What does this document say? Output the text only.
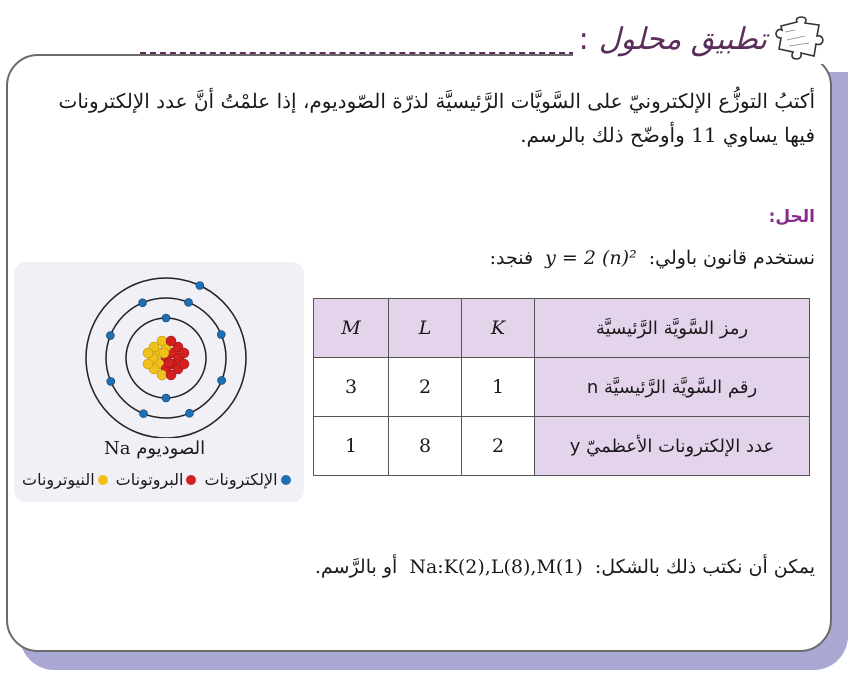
تطبيق محلول
:
أكتبُ التوزُّع الإلكترونيّ على السَّويَّات الرَّئيسيَّة لذرّة الصّوديوم، إذا علمْتُ أنَّ عدد الإلكترونات فيها يساوي 11 وأوضّح ذلك بالرسم.
الحل:
نستخدم قانون باولي: y = 2 (n)² فنجد:
الصوديوم Na
الإلكترونات
البروتونات
النيوترونات
رمز السَّويَّة الرَّئيسيَّة	K	L	M
رقم السَّويَّة الرَّئيسيَّة n	1	2	3
عدد الإلكترونات الأعظميّ y	2	8	1
يمكن أن نكتب ذلك بالشكل: Na:K(2),L(8),M(1) أو بالرَّسم.
